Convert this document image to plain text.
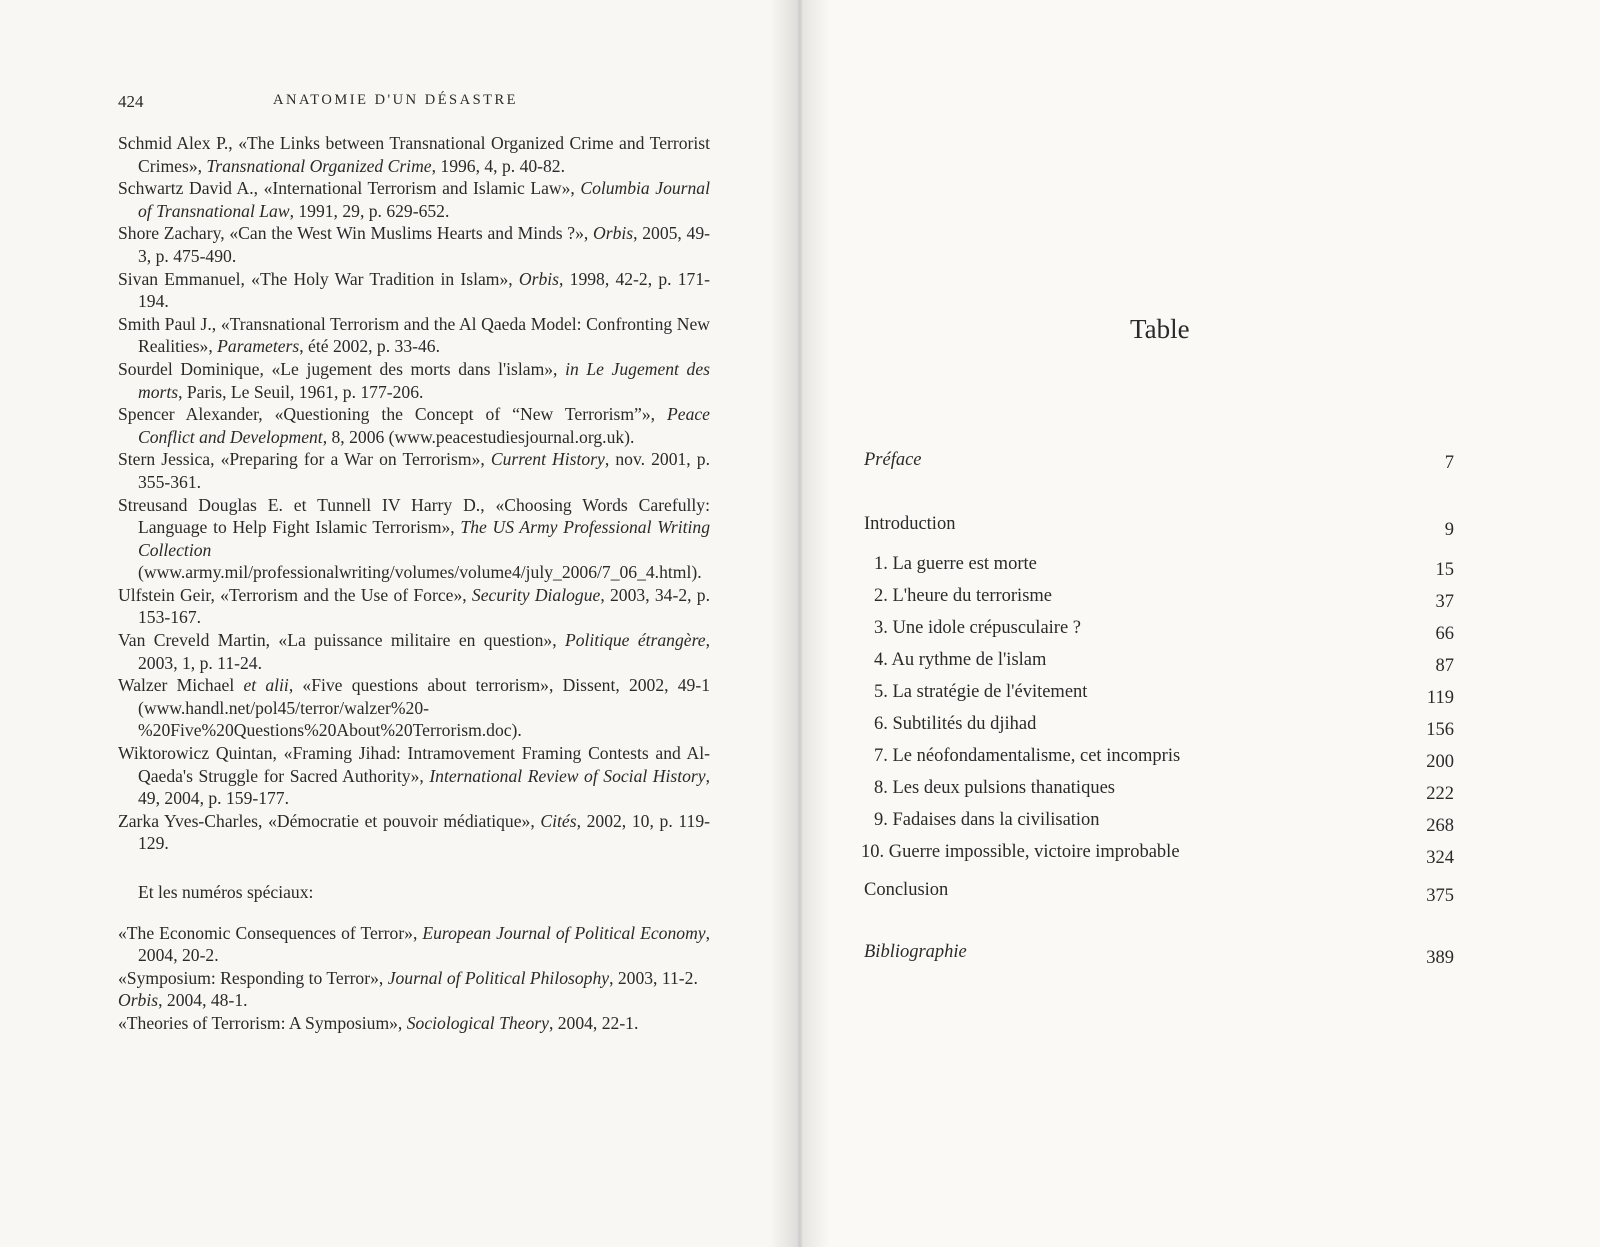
424	ANATOMIE D'UN DÉSASTRE

Schmid Alex P., «The Links between Transnational Organized Crime and Terrorist Crimes», Transnational Organized Crime, 1996, 4, p. 40-82.

Schwartz David A., «International Terrorism and Islamic Law», Columbia Journal of Transnational Law, 1991, 29, p. 629-652.

Shore Zachary, «Can the West Win Muslims Hearts and Minds ?», Orbis, 2005, 49-3, p. 475-490.

Sivan Emmanuel, «The Holy War Tradition in Islam», Orbis, 1998, 42-2, p. 171-194.

Smith Paul J., «Transnational Terrorism and the Al Qaeda Model: Confronting New Realities», Parameters, été 2002, p. 33-46.

Sourdel Dominique, «Le jugement des morts dans l'islam», in Le Jugement des morts, Paris, Le Seuil, 1961, p. 177-206.

Spencer Alexander, «Questioning the Concept of “New Terrorism”», Peace Conflict and Development, 8, 2006 (www.peacestudiesjournal.org.uk).

Stern Jessica, «Preparing for a War on Terrorism», Current History, nov. 2001, p. 355-361.

Streusand Douglas E. et Tunnell IV Harry D., «Choosing Words Carefully: Language to Help Fight Islamic Terrorism», The US Army Professional Writing Collection (www.army.mil/professionalwriting/volumes/volume4/july_2006/7_06_4.html).

Ulfstein Geir, «Terrorism and the Use of Force», Security Dialogue, 2003, 34-2, p. 153-167.

Van Creveld Martin, «La puissance militaire en question», Politique étrangère, 2003, 1, p. 11-24.

Walzer Michael et alii, «Five questions about terrorism», Dissent, 2002, 49-1 (www.handl.net/pol45/terror/walzer%20-%20Five%20Questions%20About%20Terrorism.doc).

Wiktorowicz Quintan, «Framing Jihad: Intramovement Framing Contests and Al-Qaeda's Struggle for Sacred Authority», International Review of Social History, 49, 2004, p. 159-177.

Zarka Yves-Charles, «Démocratie et pouvoir médiatique», Cités, 2002, 10, p. 119-129.

Et les numéros spéciaux:

«The Economic Consequences of Terror», European Journal of Political Economy, 2004, 20-2.

«Symposium: Responding to Terror», Journal of Political Philosophy, 2003, 11-2.

Orbis, 2004, 48-1.

«Theories of Terrorism: A Symposium», Sociological Theory, 2004, 22-1.

Table
Préface	7
Introduction	9
1. La guerre est morte	15
2. L'heure du terrorisme	37
3. Une idole crépusculaire ?	66
4. Au rythme de l'islam	87
5. La stratégie de l'évitement	119
6. Subtilités du djihad	156
7. Le néofondamentalisme, cet incompris	200
8. Les deux pulsions thanatiques	222
9. Fadaises dans la civilisation	268
10. Guerre impossible, victoire improbable	324
Conclusion	375
Bibliographie	389
